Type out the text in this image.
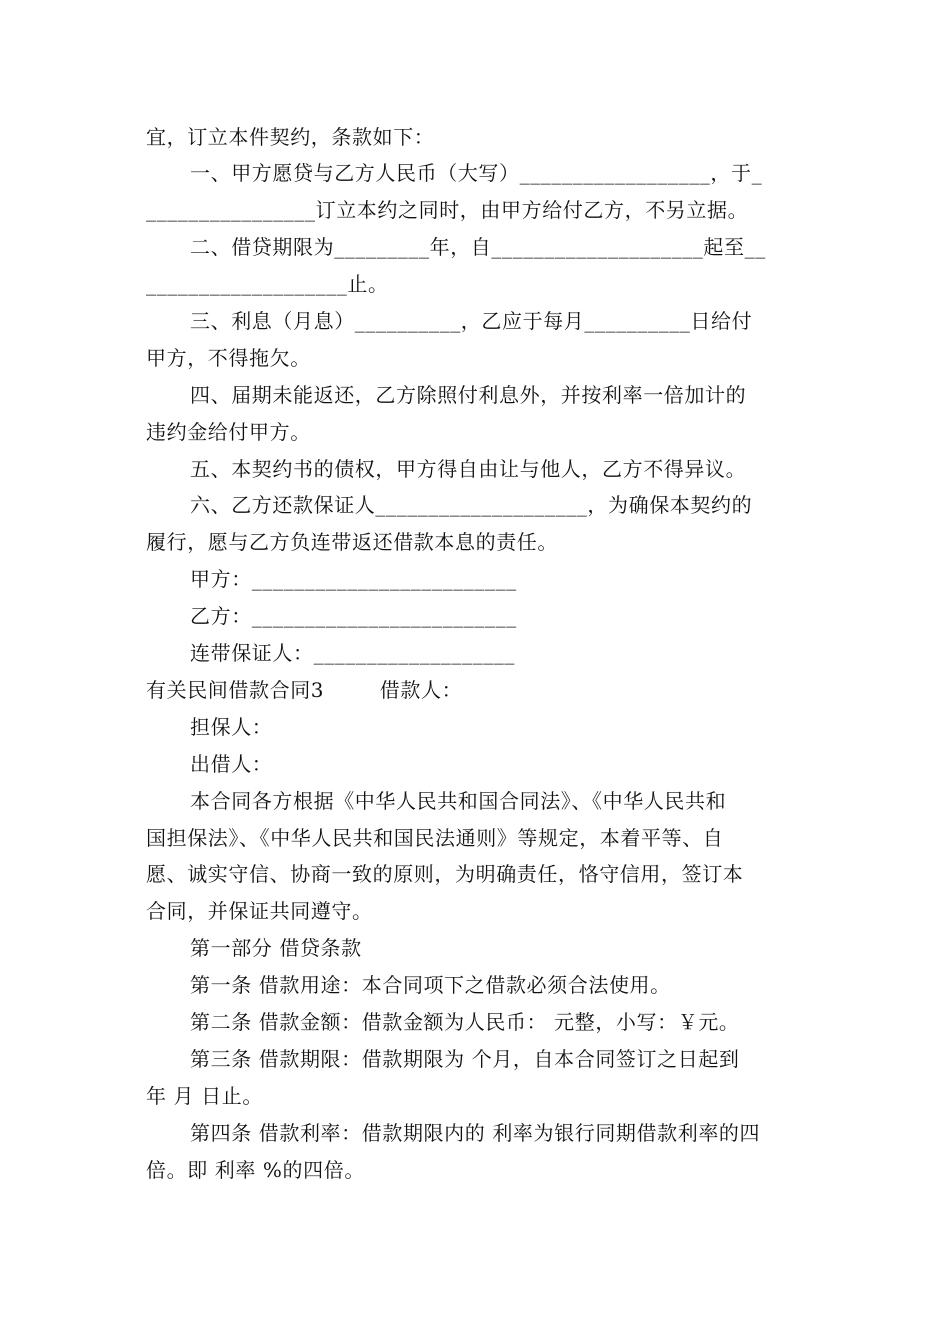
宜，订立本件契约，条款如下：
一、甲方愿贷与乙方人民币（大写）__________________，于_
________________订立本约之同时，由甲方给付乙方，不另立据。
二、借贷期限为_________年，自____________________起至__
___________________止。
三、利息（月息）__________，乙应于每月__________日给付
甲方，不得拖欠。
四、届期未能返还，乙方除照付利息外，并按利率一倍加计的
违约金给付甲方。
五、本契约书的债权，甲方得自由让与他人，乙方不得异议。
六、乙方还款保证人____________________，为确保本契约的
履行，愿与乙方负连带返还借款本息的责任。
甲方：_________________________
乙方：_________________________
连带保证人：___________________
有关民间借款合同3        借款人：
担保人：
出借人：
本合同各方根据《中华人民共和国合同法》、《中华人民共和
国担保法》、《中华人民共和国民法通则》等规定，本着平等、自
愿、诚实守信、协商一致的原则，为明确责任，恪守信用，签订本
合同，并保证共同遵守。
第一部分 借贷条款
第一条 借款用途：本合同项下之借款必须合法使用。
第二条 借款金额：借款金额为人民币： 元整，小写：￥元。
第三条 借款期限：借款期限为 个月，自本合同签订之日起到
年 月 日止。
第四条 借款利率：借款期限内的 利率为银行同期借款利率的四
倍。即 利率 %的四倍。
